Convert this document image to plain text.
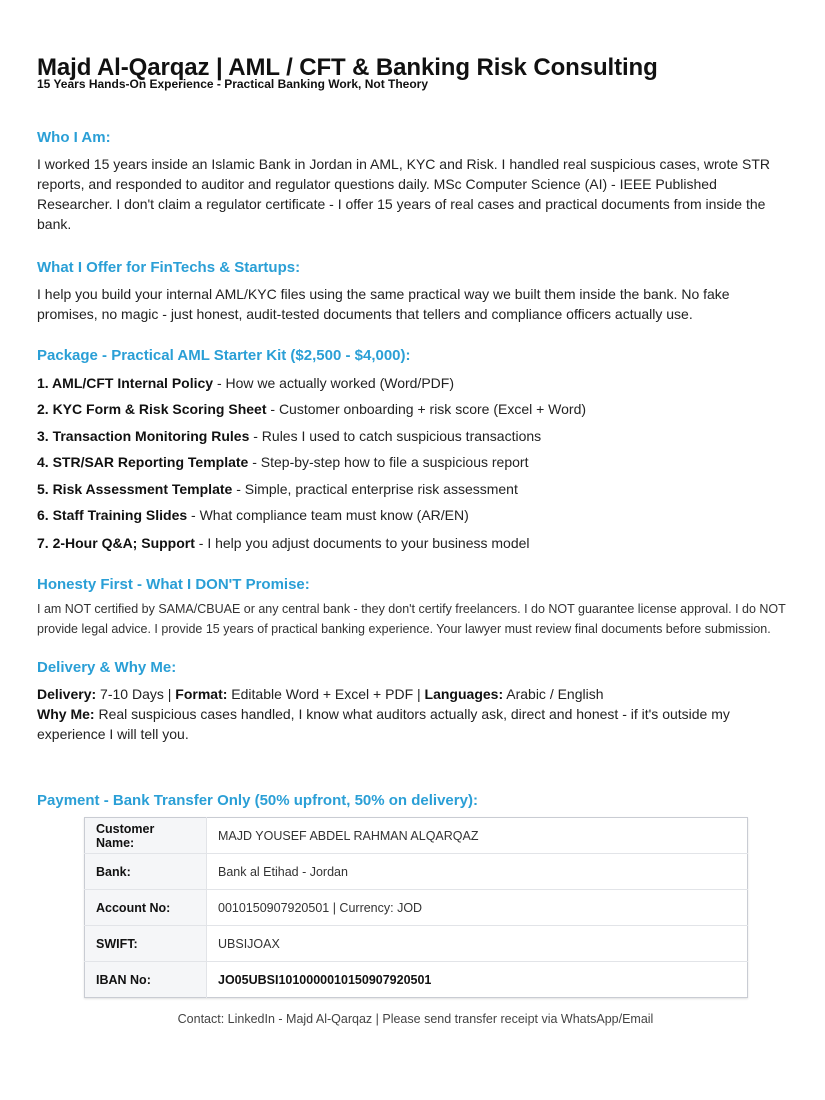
Majd Al-Qarqaz | AML / CFT & Banking Risk Consulting

15 Years Hands-On Experience - Practical Banking Work, Not Theory

Who I Am:

I worked 15 years inside an Islamic Bank in Jordan in AML, KYC and Risk. I handled real suspicious cases, wrote STR reports, and responded to auditor and regulator questions daily. MSc Computer Science (AI) - IEEE Published Researcher. I don't claim a regulator certificate - I offer 15 years of real cases and practical documents from inside the bank.

What I Offer for FinTechs & Startups:

I help you build your internal AML/KYC files using the same practical way we built them inside the bank. No fake promises, no magic - just honest, audit-tested documents that tellers and compliance officers actually use.

Package - Practical AML Starter Kit ($2,500 - $4,000):

1. AML/CFT Internal Policy - How we actually worked (Word/PDF)

2. KYC Form & Risk Scoring Sheet - Customer onboarding + risk score (Excel + Word)

3. Transaction Monitoring Rules - Rules I used to catch suspicious transactions

4. STR/SAR Reporting Template - Step-by-step how to file a suspicious report

5. Risk Assessment Template - Simple, practical enterprise risk assessment

6. Staff Training Slides - What compliance team must know (AR/EN)

7. 2-Hour Q&A; Support - I help you adjust documents to your business model

Honesty First - What I DON'T Promise:

I am NOT certified by SAMA/CBUAE or any central bank - they don't certify freelancers. I do NOT guarantee license approval. I do NOT provide legal advice. I provide 15 years of practical banking experience. Your lawyer must review final documents before submission.

Delivery & Why Me:

Delivery: 7-10 Days | Format: Editable Word + Excel + PDF | Languages: Arabic / English

Why Me: Real suspicious cases handled, I know what auditors actually ask, direct and honest - if it's outside my experience I will tell you.

Payment - Bank Transfer Only (50% upfront, 50% on delivery):
Customer Name:	MAJD YOUSEF ABDEL RAHMAN ALQARQAZ
Bank:	Bank al Etihad - Jordan
Account No:	0010150907920501 | Currency: JOD
SWIFT:	UBSIJOAX
IBAN No:	JO05UBSI1010000010150907920501

Contact: LinkedIn - Majd Al-Qarqaz | Please send transfer receipt via WhatsApp/Email
